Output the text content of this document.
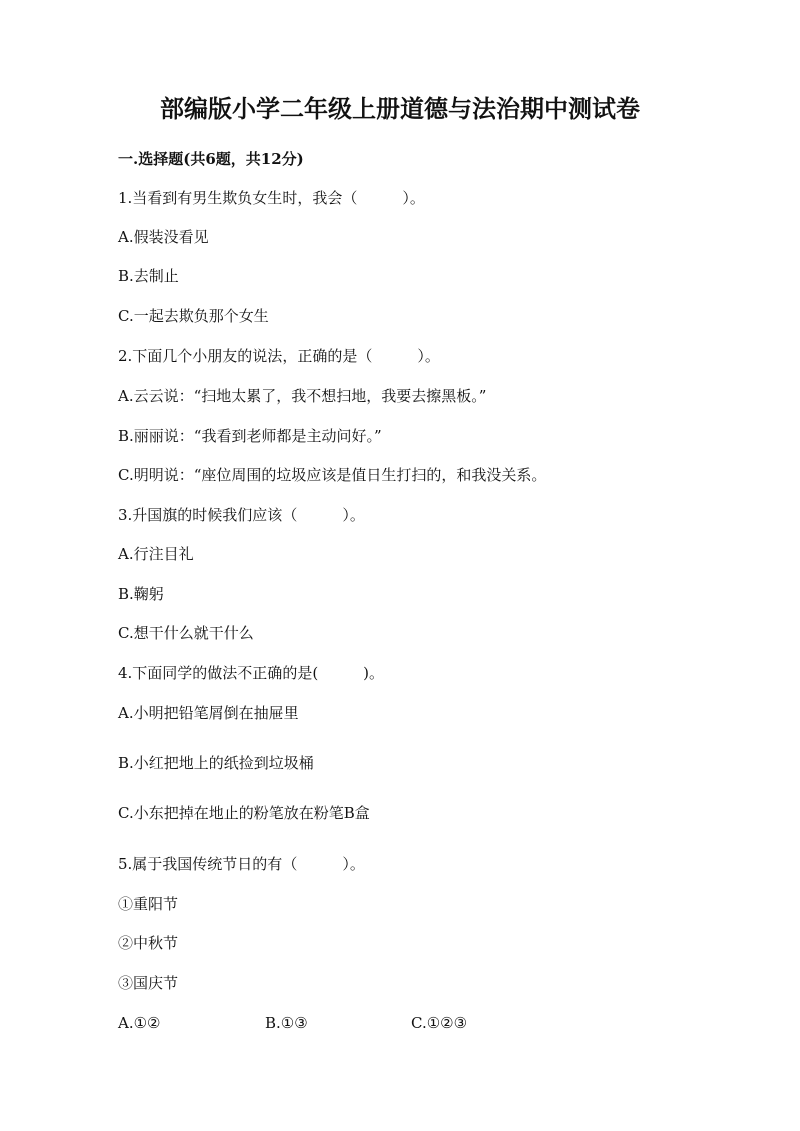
部编版小学二年级上册道德与法治期中测试卷
一.选择题(共6题，共12分)
1.当看到有男生欺负女生时，我会（　　　）。
A.假装没看见
B.去制止
C.一起去欺负那个女生
2.下面几个小朋友的说法，正确的是（　　　）。
A.云云说：“扫地太累了，我不想扫地，我要去擦黑板。”
B.丽丽说：“我看到老师都是主动问好。”
C.明明说：“座位周围的垃圾应该是值日生打扫的，和我没关系。
3.升国旗的时候我们应该（　　　）。
A.行注目礼
B.鞠躬
C.想干什么就干什么
4.下面同学的做法不正确的是(　　　)。
A.小明把铅笔屑倒在抽屉里
B.小红把地上的纸捡到垃圾桶
C.小东把掉在地止的粉笔放在粉笔B盒
5.属于我国传统节日的有（　　　）。
①重阳节
②中秋节
③国庆节
A.①②	B.①③	C.①②③
